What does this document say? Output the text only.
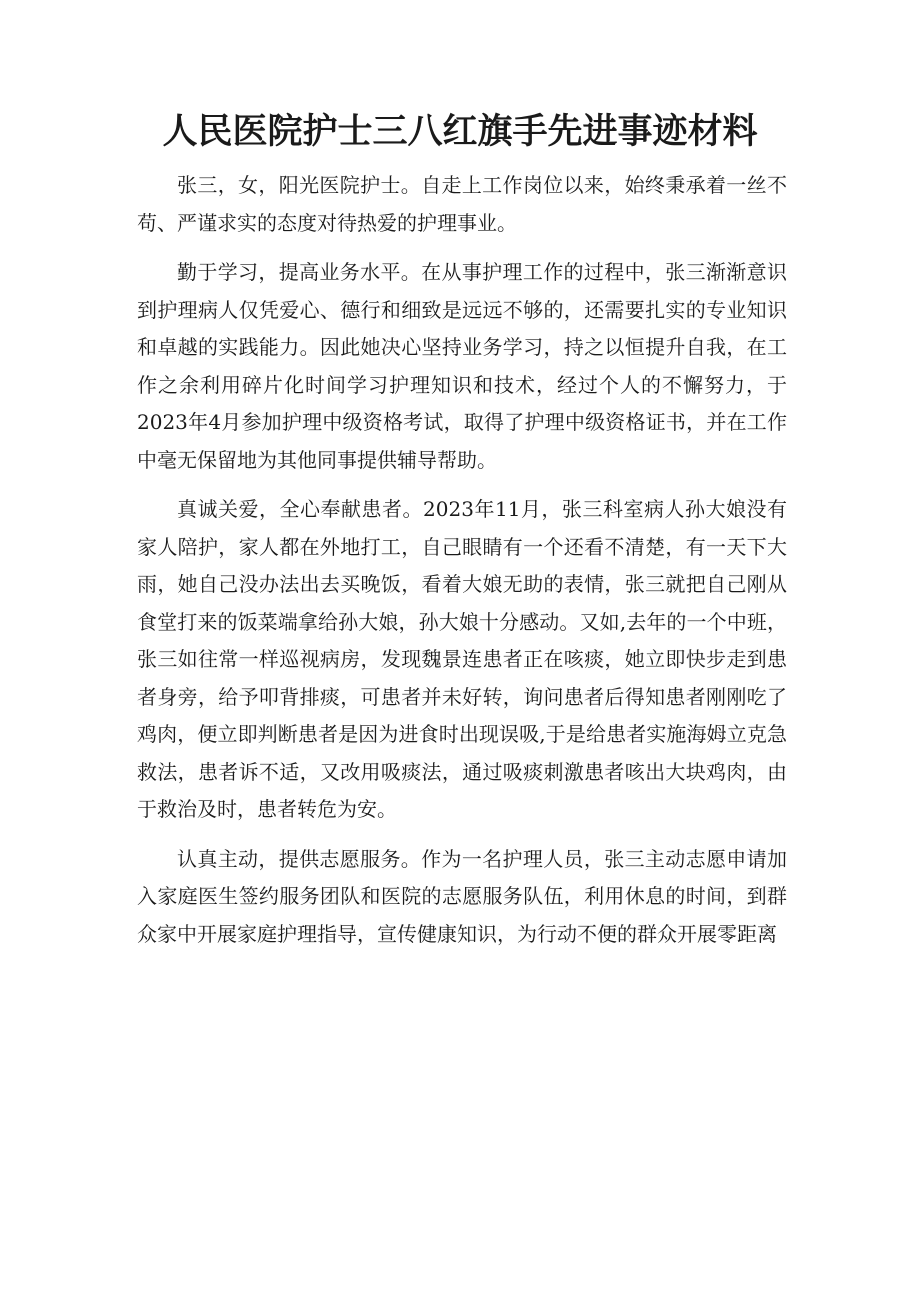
人民医院护士三八红旗手先进事迹材料

张三，女，阳光医院护士。自走上工作岗位以来，始终秉承着一丝不苟、严谨求实的态度对待热爱的护理事业。

勤于学习，提高业务水平。在从事护理工作的过程中，张三渐渐意识到护理病人仅凭爱心、德行和细致是远远不够的，还需要扎实的专业知识和卓越的实践能力。因此她决心坚持业务学习，持之以恒提升自我，在工作之余利用碎片化时间学习护理知识和技术，经过个人的不懈努力，于2023年4月参加护理中级资格考试，取得了护理中级资格证书，并在工作中毫无保留地为其他同事提供辅导帮助。

真诚关爱，全心奉献患者。2023年11月，张三科室病人孙大娘没有家人陪护，家人都在外地打工，自己眼睛有一个还看不清楚，有一天下大雨，她自己没办法出去买晚饭，看着大娘无助的表情，张三就把自己刚从食堂打来的饭菜端拿给孙大娘，孙大娘十分感动。又如,去年的一个中班，张三如往常一样巡视病房，发现魏景连患者正在咳痰，她立即快步走到患者身旁，给予叩背排痰，可患者并未好转，询问患者后得知患者刚刚吃了鸡肉，便立即判断患者是因为进食时出现误吸,于是给患者实施海姆立克急救法，患者诉不适，又改用吸痰法，通过吸痰刺激患者咳出大块鸡肉，由于救治及时，患者转危为安。

认真主动，提供志愿服务。作为一名护理人员，张三主动志愿申请加入家庭医生签约服务团队和医院的志愿服务队伍，利用休息的时间，到群众家中开展家庭护理指导，宣传健康知识，为行动不便的群众开展零距离
